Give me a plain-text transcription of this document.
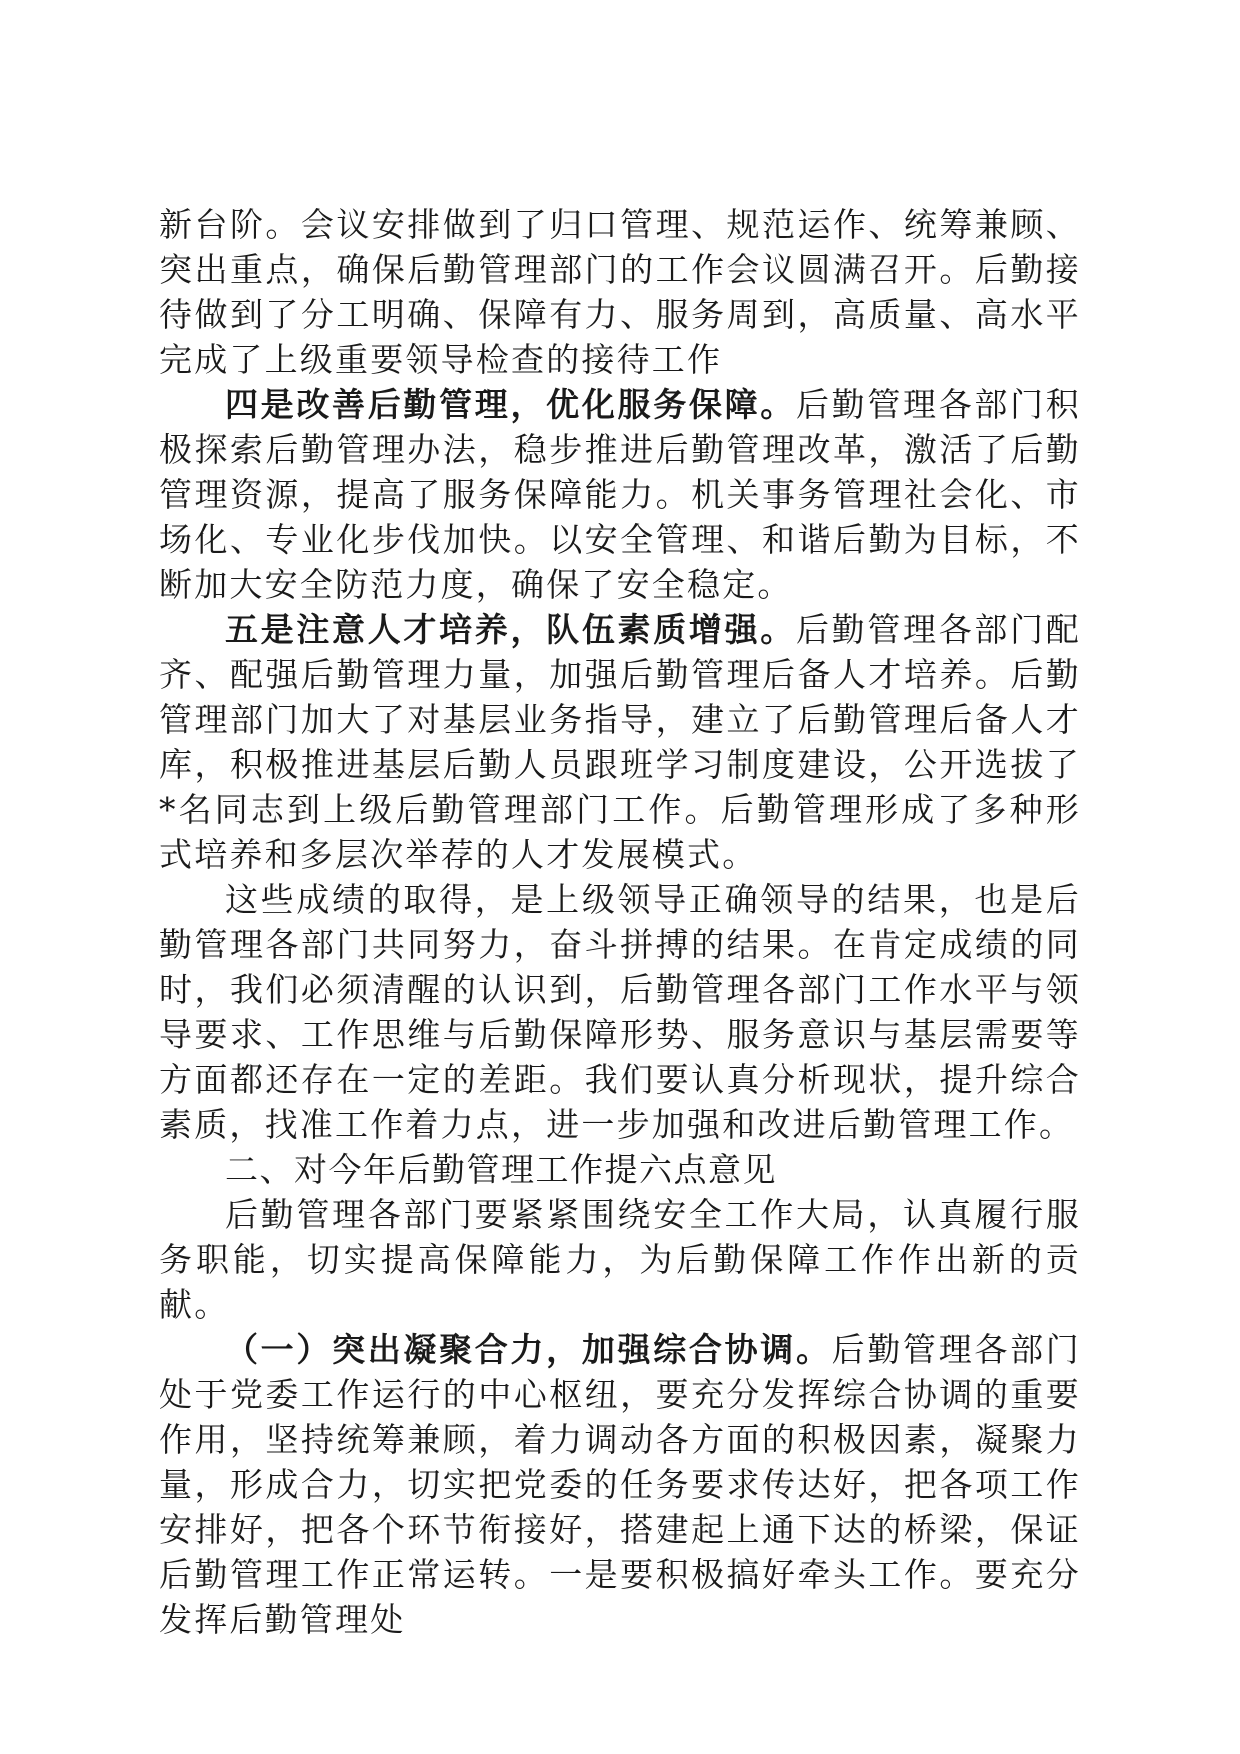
新台阶。会议安排做到了归口管理、规范运作、统筹兼顾、突出重点，确保后勤管理部门的工作会议圆满召开。后勤接待做到了分工明确、保障有力、服务周到，高质量、高水平完成了上级重要领导检查的接待工作

四是改善后勤管理，优化服务保障。后勤管理各部门积极探索后勤管理办法，稳步推进后勤管理改革，激活了后勤管理资源，提高了服务保障能力。机关事务管理社会化、市场化、专业化步伐加快。以安全管理、和谐后勤为目标，不断加大安全防范力度，确保了安全稳定。

五是注意人才培养，队伍素质增强。后勤管理各部门配齐、配强后勤管理力量，加强后勤管理后备人才培养。后勤管理部门加大了对基层业务指导，建立了后勤管理后备人才库，积极推进基层后勤人员跟班学习制度建设，公开选拔了*名同志到上级后勤管理部门工作。后勤管理形成了多种形式培养和多层次举荐的人才发展模式。

这些成绩的取得，是上级领导正确领导的结果，也是后勤管理各部门共同努力，奋斗拼搏的结果。在肯定成绩的同时，我们必须清醒的认识到，后勤管理各部门工作水平与领导要求、工作思维与后勤保障形势、服务意识与基层需要等方面都还存在一定的差距。我们要认真分析现状，提升综合素质，找准工作着力点，进一步加强和改进后勤管理工作。

二、对今年后勤管理工作提六点意见

后勤管理各部门要紧紧围绕安全工作大局，认真履行服务职能，切实提高保障能力，为后勤保障工作作出新的贡献。

（一）突出凝聚合力，加强综合协调。后勤管理各部门处于党委工作运行的中心枢纽，要充分发挥综合协调的重要作用，坚持统筹兼顾，着力调动各方面的积极因素，凝聚力量，形成合力，切实把党委的任务要求传达好，把各项工作安排好，把各个环节衔接好，搭建起上通下达的桥梁，保证后勤管理工作正常运转。一是要积极搞好牵头工作。要充分发挥后勤管理处
